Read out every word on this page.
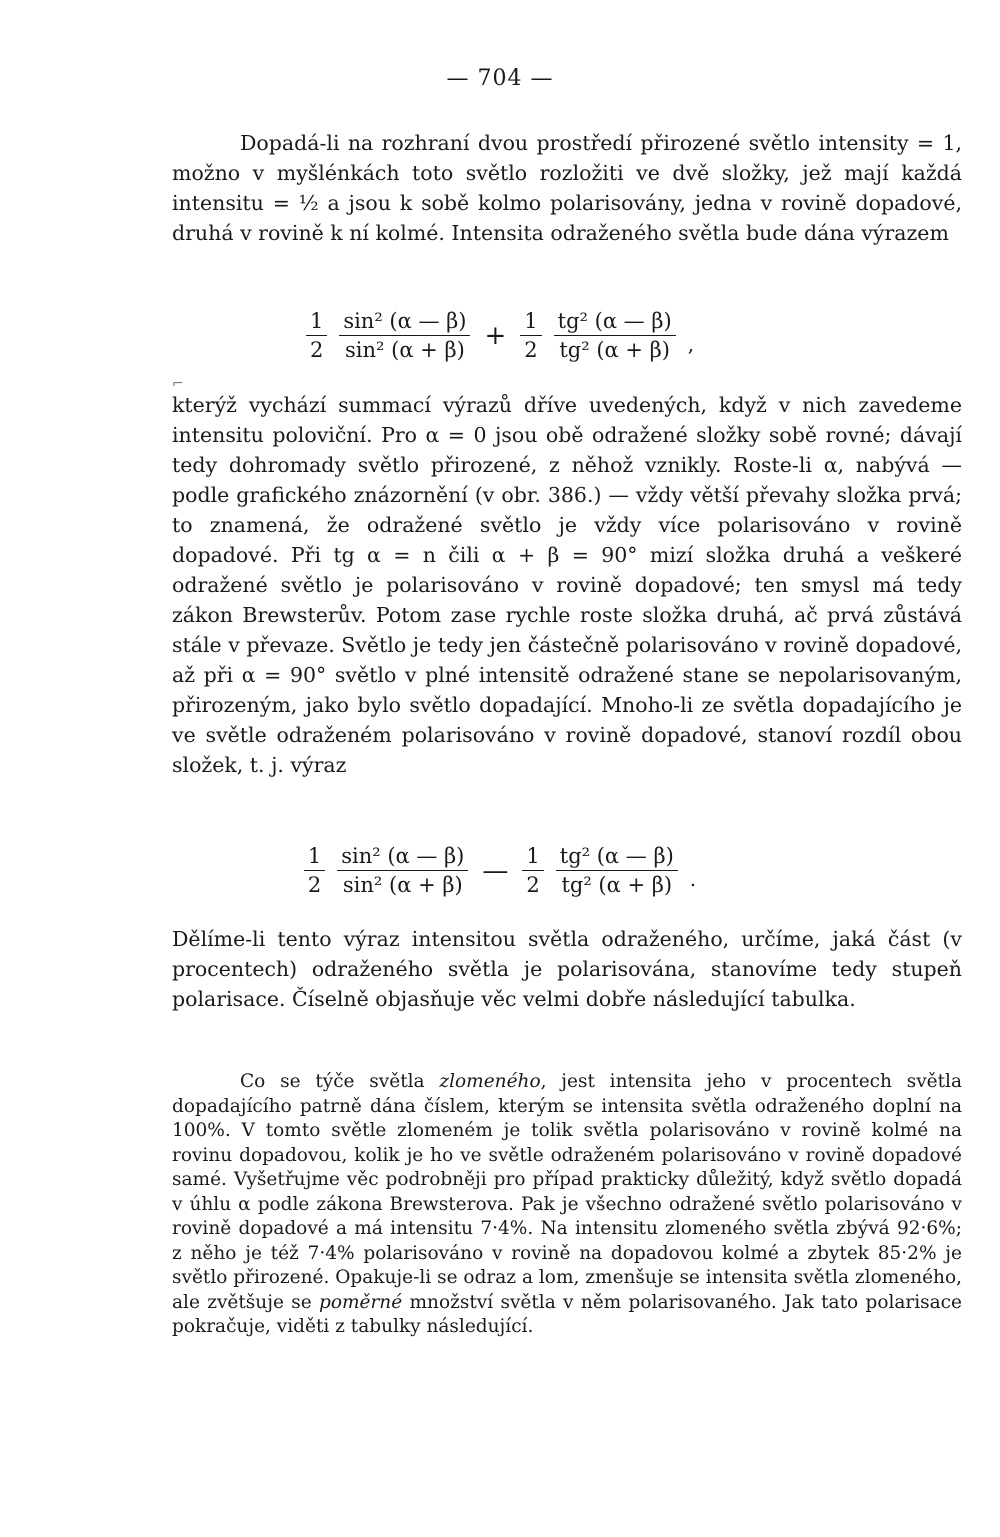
— 704 —

Dopadá-li na rozhraní dvou prostředí přirozené světlo intensity = 1, možno v myšlénkách toto světlo rozložiti ve dvě složky, jež mají každá intensitu = ½ a jsou k sobě kolmo polarisovány, jedna v rovině dopadové, druhá v rovině k ní kolmé. Intensita odraženého světla bude dána výrazem

$\frac{1}{2} \frac{\text{sin² (α — β)}}{\text{sin² (α + β)}} + \frac{1}{2} \frac{\text{tg² (α — β)}}{\text{tg² (α + β)}}$ ,
⌐

kterýž vychází summací výrazů dříve uvedených, když v nich zavedeme intensitu poloviční. Pro α = 0 jsou obě odražené složky sobě rovné; dávají tedy dohromady světlo přirozené, z něhož vznikly. Roste-li α, nabývá — podle grafického znázornění (v obr. 386.) — vždy větší převahy složka prvá; to znamená, že odražené světlo je vždy více polarisováno v rovině dopadové. Při tg α = n čili α + β = 90° mizí složka druhá a veškeré odražené světlo je polarisováno v rovině dopadové; ten smysl má tedy zákon Brewsterův. Potom zase rychle roste složka druhá, ač prvá zůstává stále v převaze. Světlo je tedy jen částečně polarisováno v rovině dopadové, až při α = 90° světlo v plné intensitě odražené stane se nepolarisovaným, přirozeným, jako bylo světlo dopadající. Mnoho-li ze světla dopadajícího je ve světle odraženém polarisováno v rovině dopadové, stanoví rozdíl obou složek, t. j. výraz

$\frac{1}{2} \frac{\text{sin² (α — β)}}{\text{sin² (α + β)}}$ — $\frac{1}{2} \frac{\text{tg² (α — β)}}{\text{tg² (α + β)}}$ .

Dělíme-li tento výraz intensitou světla odraženého, určíme, jaká část (v procentech) odraženého světla je polarisována, stanovíme tedy stupeň polarisace. Číselně objasňuje věc velmi dobře následující tabulka.

Co se týče světla zlomeného, jest intensita jeho v procentech světla dopadajícího patrně dána číslem, kterým se intensita světla odraženého doplní na 100%. V tomto světle zlomeném je tolik světla polarisováno v rovině kolmé na rovinu dopadovou, kolik je ho ve světle odraženém polarisováno v rovině dopadové samé. Vyšetřujme věc podrobněji pro případ prakticky důležitý, když světlo dopadá v úhlu α podle zákona Brewsterova. Pak je všechno odražené světlo polarisováno v rovině dopadové a má intensitu 7·4%. Na intensitu zlomeného světla zbývá 92·6%; z něho je též 7·4% polarisováno v rovině na dopadovou kolmé a zbytek 85·2% je světlo přirozené. Opakuje-li se odraz a lom, zmenšuje se intensita světla zlomeného, ale zvětšuje se poměrné množství světla v něm polarisovaného. Jak tato polarisace pokračuje, viděti z tabulky následující.
